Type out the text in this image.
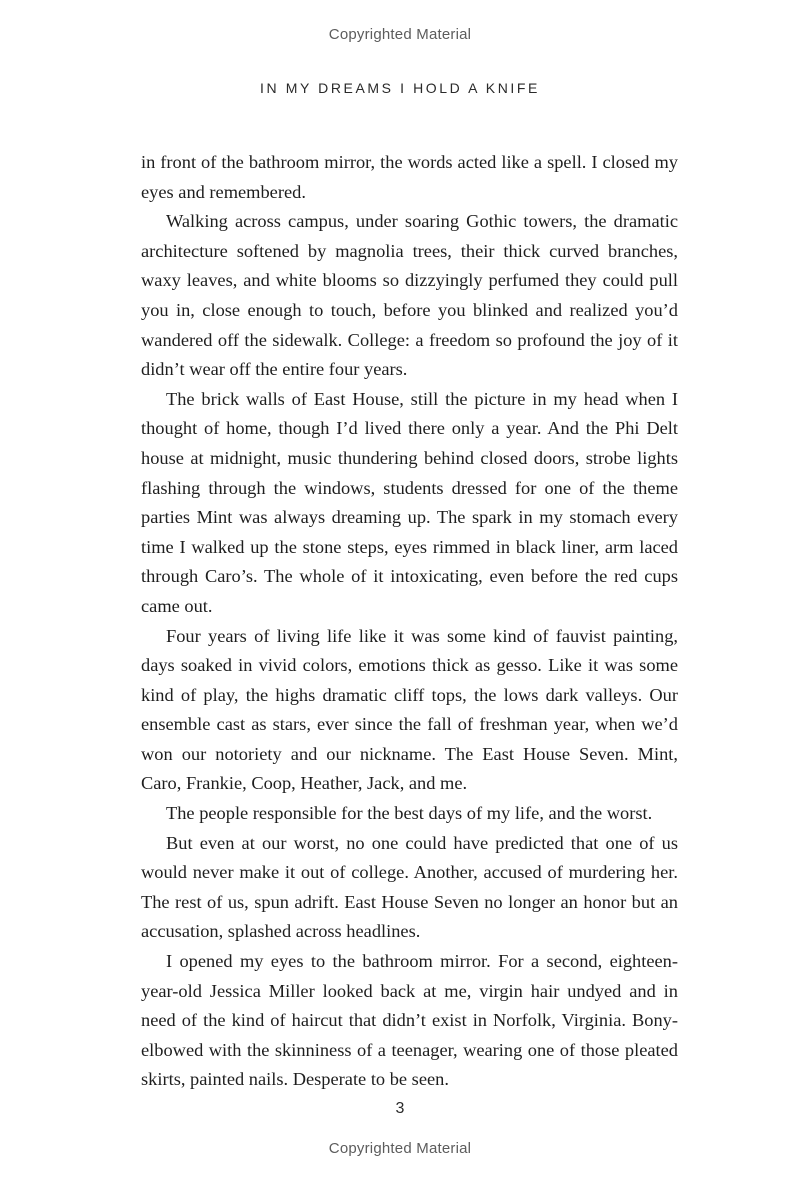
Copyrighted Material
IN MY DREAMS I HOLD A KNIFE

in front of the bathroom mirror, the words acted like a spell. I closed my eyes and remembered.

Walking across campus, under soaring Gothic towers, the dramatic architecture softened by magnolia trees, their thick curved branches, waxy leaves, and white blooms so dizzyingly perfumed they could pull you in, close enough to touch, before you blinked and realized you’d wandered off the sidewalk. College: a freedom so profound the joy of it didn’t wear off the entire four years.

The brick walls of East House, still the picture in my head when I thought of home, though I’d lived there only a year. And the Phi Delt house at midnight, music thundering behind closed doors, strobe lights flashing through the windows, students dressed for one of the theme parties Mint was always dreaming up. The spark in my stomach every time I walked up the stone steps, eyes rimmed in black liner, arm laced through Caro’s. The whole of it intoxicating, even before the red cups came out.

Four years of living life like it was some kind of fauvist painting, days soaked in vivid colors, emotions thick as gesso. Like it was some kind of play, the highs dramatic cliff tops, the lows dark valleys. Our ensemble cast as stars, ever since the fall of freshman year, when we’d won our notoriety and our nickname. The East House Seven. Mint, Caro, Frankie, Coop, Heather, Jack, and me.

The people responsible for the best days of my life, and the worst.

But even at our worst, no one could have predicted that one of us would never make it out of college. Another, accused of murdering her. The rest of us, spun adrift. East House Seven no longer an honor but an accusation, splashed across headlines.

I opened my eyes to the bathroom mirror. For a second, eighteen-year-old Jessica Miller looked back at me, virgin hair undyed and in need of the kind of haircut that didn’t exist in Norfolk, Virginia. Bony-elbowed with the skinniness of a teenager, wearing one of those pleated skirts, painted nails. Desperate to be seen.

3
Copyrighted Material
